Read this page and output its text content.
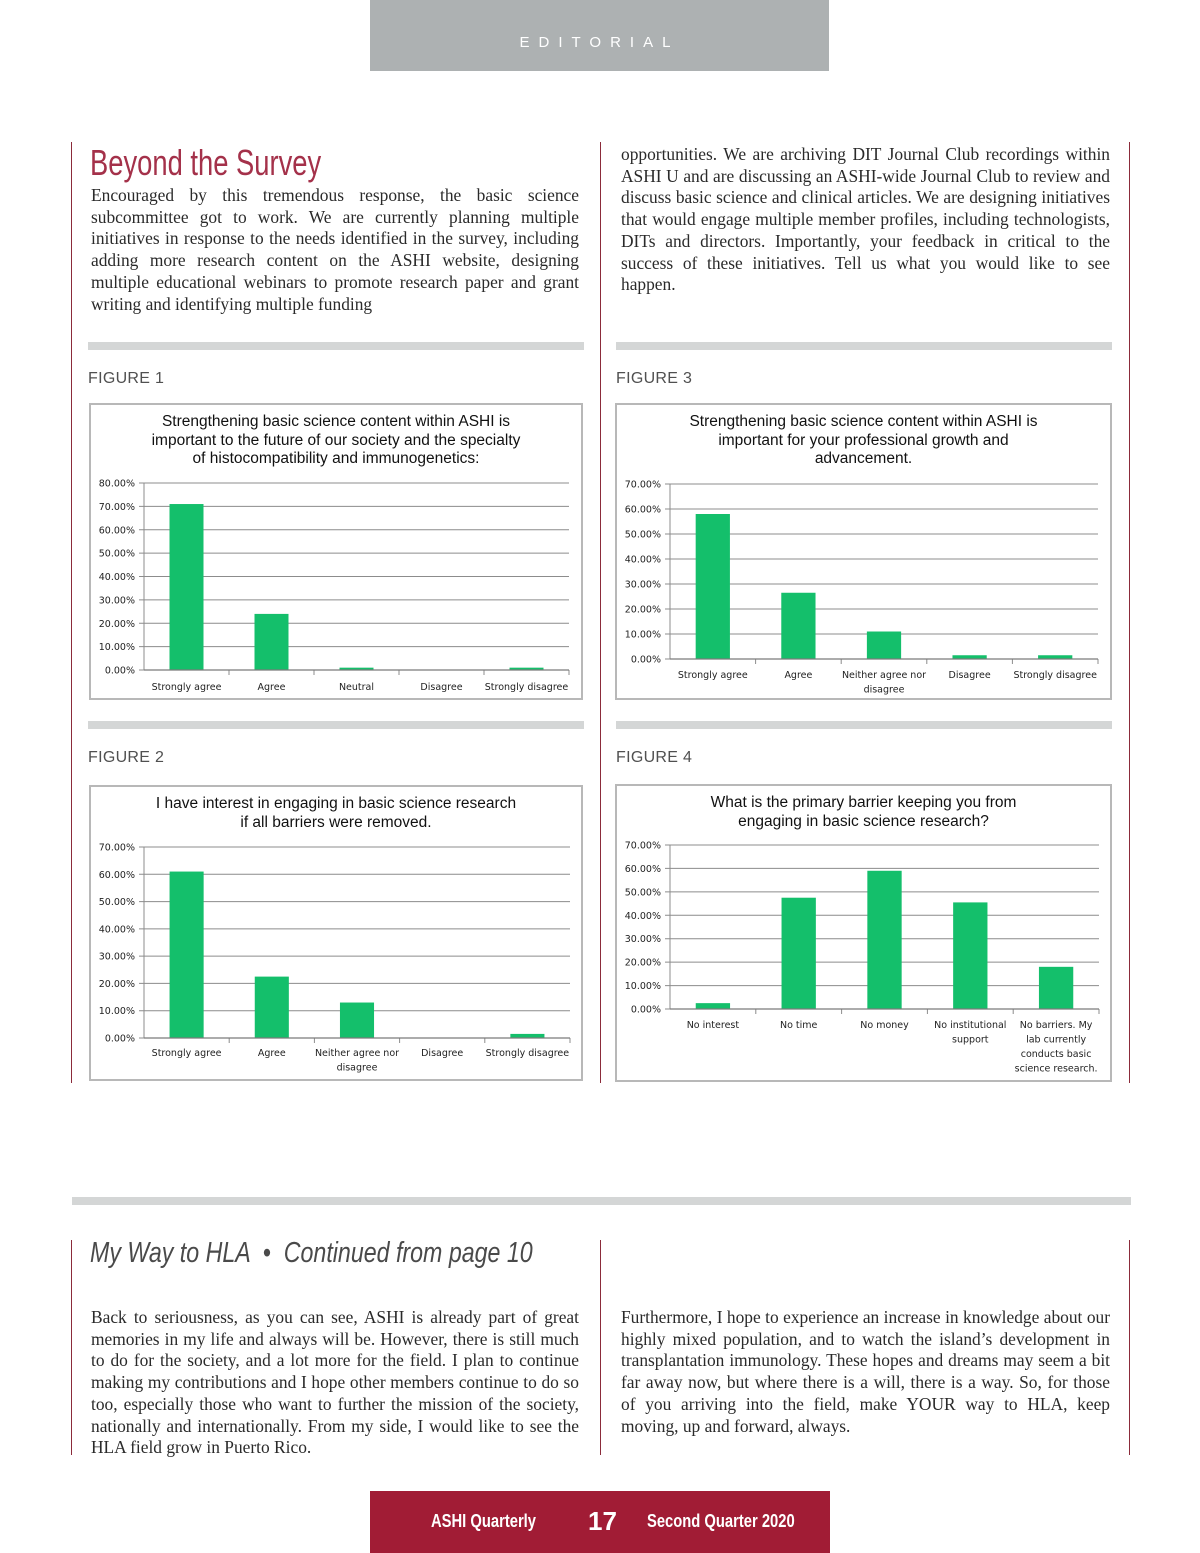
EDITORIAL
Beyond the Survey

Encouraged by this tremendous response, the basic science subcommittee got to work. We are currently planning multiple initiatives in response to the needs identified in the survey, including adding more research content on the ASHI website, designing multiple educational webinars to promote research paper and grant writing and identifying multiple funding

opportunities. We are archiving DIT Journal Club recordings within ASHI U and are discussing an ASHI-wide Journal Club to review and discuss basic science and clinical articles. We are designing initiatives that would engage multiple member profiles, including technologists, DITs and directors. Importantly, your feedback in critical to the success of these initiatives. Tell us what you would like to see happen.

FIGURE 1	FIGURE 3
Strengthening basic science content within ASHI is
important to the future of our society and the specialty
of histocompatibility and immunogenetics:
0.00%
10.00%
20.00%
30.00%
40.00%
50.00%
60.00%
70.00%
80.00%
Strongly agree	Agree	Neutral	Disagree Strongly disagree
Strengthening basic science content within ASHI is
important for your professional growth and
advancement.
0.00%
10.00%
20.00%
30.00%
40.00%
50.00%
60.00%
70.00%
Strongly agree	Agree	Neither agree nor
disagree
Disagree Strongly disagree
FIGURE 2	FIGURE 4
I have interest in engaging in basic science research
if all barriers were removed.
0.00%
10.00%
20.00%
30.00%
40.00%
50.00%
60.00%
70.00%
Strongly agree	Agree	Neither agree nor
disagree
Disagree Strongly disagree
What is the primary barrier keeping you from
engaging in basic science research?
0.00%
10.00%
20.00%
30.00%
40.00%
50.00%
60.00%
70.00%
No interest	No time	No money	No institutional
support
No barriers. My
lab currently
conducts basic
science research.
My Way to HLA  •  Continued from page 10

Back to seriousness, as you can see, ASHI is already part of great memories in my life and always will be. However, there is still much to do for the society, and a lot more for the field. I plan to continue making my contributions and I hope other members continue to do so too, especially those who want to further the mission of the society, nationally and internationally. From my side, I would like to see the HLA field grow in Puerto Rico.

Furthermore, I hope to experience an increase in knowledge about our highly mixed population, and to watch the island’s development in transplantation immunology. These hopes and dreams may seem a bit far away now, but where there is a will, there is a way. So, for those of you arriving into the field, make YOUR way to HLA, keep moving, up and forward, always.

ASHI Quarterly 17 Second Quarter 2020
